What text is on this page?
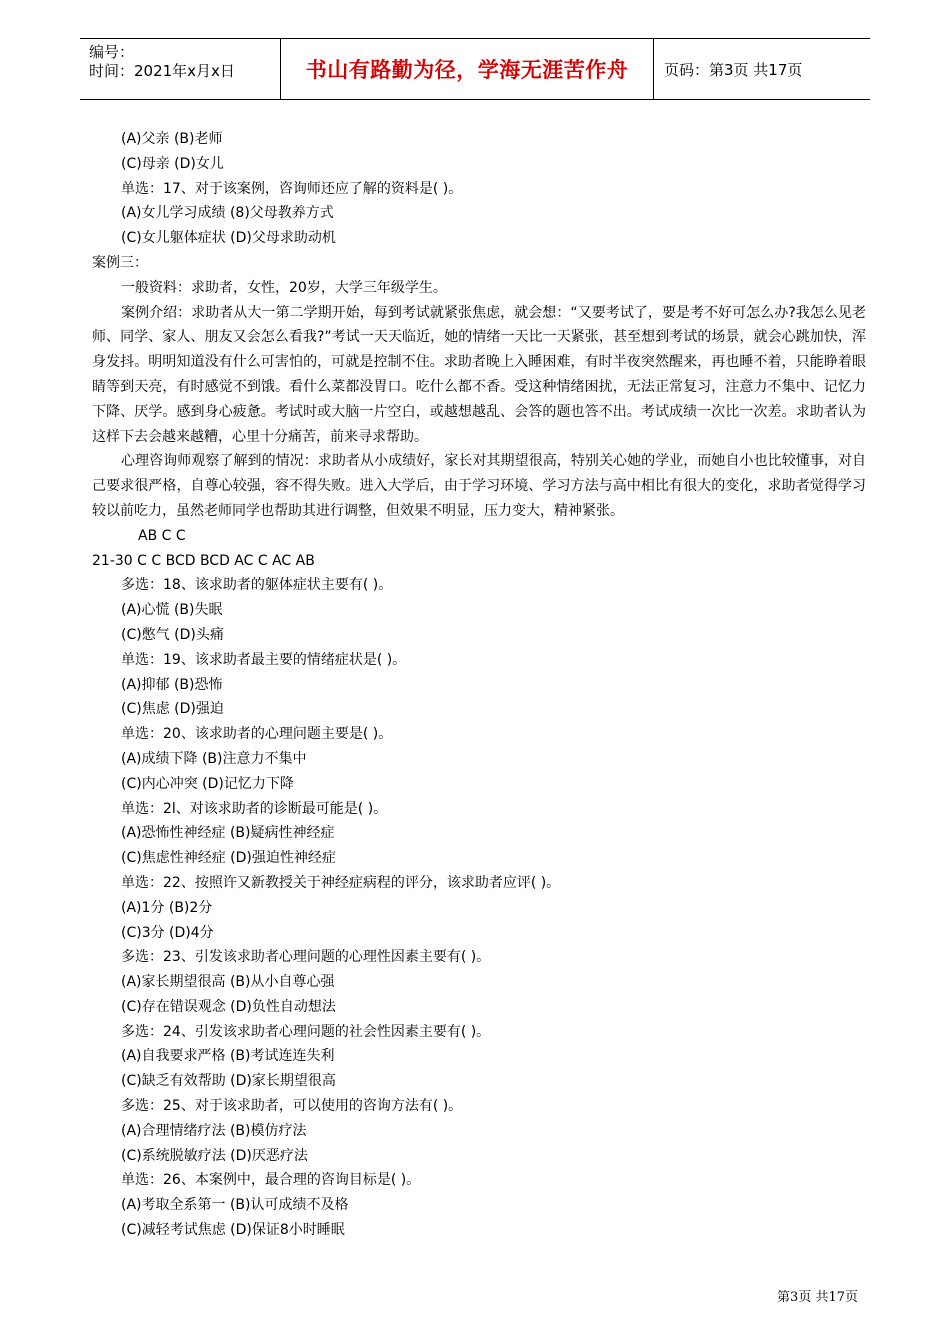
编号：
时间：2021年x月x日	书山有路勤为径，学海无涯苦作舟 页码：第3页 共17页

(A)父亲 (B)老师

(C)母亲 (D)女儿

单选：17、对于该案例，咨询师还应了解的资料是( )。

(A)女儿学习成绩 (8)父母教养方式

(C)女儿躯体症状 (D)父母求助动机

案例三：

一般资料：求助者，女性，20岁，大学三年级学生。

案例介绍：求助者从大一第二学期开始，每到考试就紧张焦虑，就会想：“又要考试了，要是考不好可怎么办?我怎么见老师、同学、家人、朋友又会怎么看我?”考试一天天临近，她的情绪一天比一天紧张，甚至想到考试的场景，就会心跳加快，浑身发抖。明明知道没有什么可害怕的，可就是控制不住。求助者晚上入睡困难，有时半夜突然醒来，再也睡不着，只能睁着眼睛等到天亮，有时感觉不到饿。看什么菜都没胃口。吃什么都不香。受这种情绪困扰，无法正常复习，注意力不集中、记忆力下降、厌学。感到身心疲惫。考试时或大脑一片空白，或越想越乱、会答的题也答不出。考试成绩一次比一次差。求助者认为这样下去会越来越糟，心里十分痛苦，前来寻求帮助。

心理咨询师观察了解到的情况：求助者从小成绩好，家长对其期望很高，特别关心她的学业，而她自小也比较懂事，对自己要求很严格，自尊心较强，容不得失败。进入大学后，由于学习环境、学习方法与高中相比有很大的变化，求助者觉得学习较以前吃力，虽然老师同学也帮助其进行调整，但效果不明显，压力变大，精神紧张。

AB C C

21-30 C C BCD BCD AC C AC AB

多选：18、该求助者的躯体症状主要有( )。

(A)心慌 (B)失眠

(C)憋气 (D)头痛

单选：19、该求助者最主要的情绪症状是( )。

(A)抑郁 (B)恐怖

(C)焦虑 (D)强迫

单选：20、该求助者的心理问题主要是( )。

(A)成绩下降 (B)注意力不集中

(C)内心冲突 (D)记忆力下降

单选：2l、对该求助者的诊断最可能是( )。

(A)恐怖性神经症 (B)疑病性神经症

(C)焦虑性神经症 (D)强迫性神经症

单选：22、按照许又新教授关于神经症病程的评分，该求助者应评( )。

(A)1分 (B)2分

(C)3分 (D)4分

多选：23、引发该求助者心理问题的心理性因素主要有( )。

(A)家长期望很高 (B)从小自尊心强

(C)存在错误观念 (D)负性自动想法

多选：24、引发该求助者心理问题的社会性因素主要有( )。

(A)自我要求严格 (B)考试连连失利

(C)缺乏有效帮助 (D)家长期望很高

多选：25、对于该求助者，可以使用的咨询方法有( )。

(A)合理情绪疗法 (B)模仿疗法

(C)系统脱敏疗法 (D)厌恶疗法

单选：26、本案例中，最合理的咨询目标是( )。

(A)考取全系第一 (B)认可成绩不及格

(C)减轻考试焦虑 (D)保证8小时睡眠

第3页 共17页
